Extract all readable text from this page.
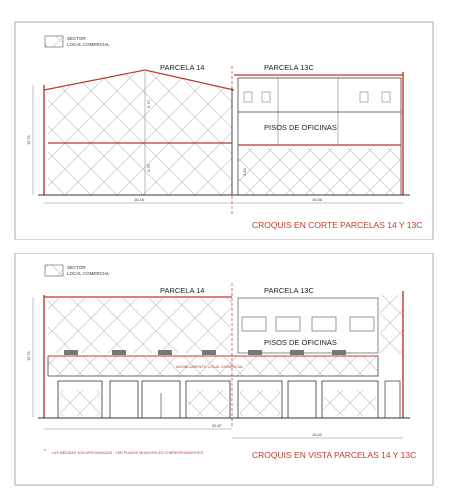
SECTOR
LOCAL COMERCIAL
PARCELA 14	PARCELA 13C
PISOS DE OFICINAS
10,71
6,70
3,75
3,84
16,16	16,56
CROQUIS EN CORTE PARCELAS 14 Y 13C
SECTOR
LOCAL COMERCIAL
PARCELA 14	PARCELA 13C
PISOS DE OFICINAS
AMOBLAMIENTO LOCAL COMERCIAL
10,71
32,87
15,62
* LAS MEDIDAS SON APROXIMADAS · VER PLANOS MUNICIPALES CORRESPONDIENTES	CROQUIS EN VISTA PARCELAS 14 Y 13C
